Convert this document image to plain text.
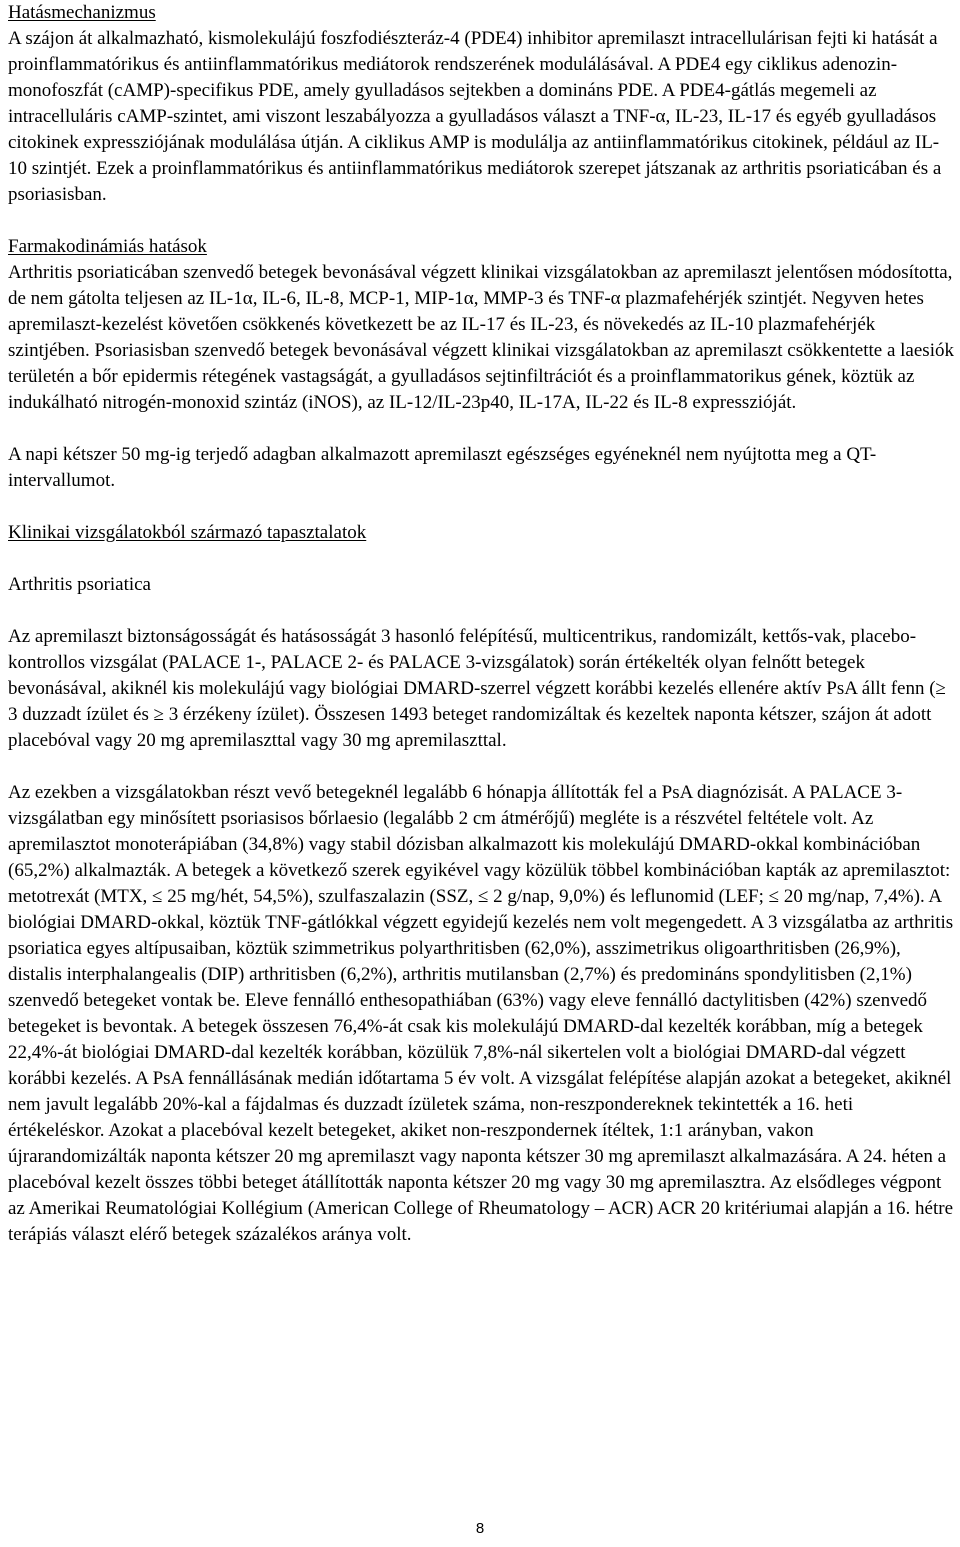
Hatásmechanizmus

A szájon át alkalmazható, kismolekulájú foszfodiészteráz-4 (PDE4) inhibitor apremilaszt intracellulárisan fejti ki hatását a proinflammatórikus és antiinflammatórikus mediátorok rendszerének modulálásával. A PDE4 egy ciklikus adenozin-monofoszfát (cAMP)-specifikus PDE, amely gyulladásos sejtekben a domináns PDE. A PDE4-gátlás megemeli az intracelluláris cAMP-szintet, ami viszont leszabályozza a gyulladásos választ a TNF-α, IL-23, IL-17 és egyéb gyulladásos citokinek expressziójának modulálása útján. A ciklikus AMP is modulálja az antiinflammatórikus citokinek, például az IL-10 szintjét. Ezek a proinflammatórikus és antiinflammatórikus mediátorok szerepet játszanak az arthritis psoriaticában és a psoriasisban.

Farmakodinámiás hatások

Arthritis psoriaticában szenvedő betegek bevonásával végzett klinikai vizsgálatokban az apremilaszt jelentősen módosította, de nem gátolta teljesen az IL-1α, IL-6, IL-8, MCP-1, MIP-1α, MMP-3 és TNF-α plazmafehérjék szintjét. Negyven hetes apremilaszt-kezelést követően csökkenés következett be az IL-17 és IL-23, és növekedés az IL-10 plazmafehérjék szintjében. Psoriasisban szenvedő betegek bevonásával végzett klinikai vizsgálatokban az apremilaszt csökkentette a laesiók területén a bőr epidermis rétegének vastagságát, a gyulladásos sejtinfiltrációt és a proinflammatorikus gének, köztük az indukálható nitrogén-monoxid szintáz (iNOS), az IL-12/IL-23p40, IL-17A, IL-22 és IL-8 expresszióját.

A napi kétszer 50 mg-ig terjedő adagban alkalmazott apremilaszt egészséges egyéneknél nem nyújtotta meg a QT-intervallumot.

Klinikai vizsgálatokból származó tapasztalatok

Arthritis psoriatica

Az apremilaszt biztonságosságát és hatásosságát 3 hasonló felépítésű, multicentrikus, randomizált, kettős-vak, placebo-kontrollos vizsgálat (PALACE 1-, PALACE 2- és PALACE 3-vizsgálatok) során értékelték olyan felnőtt betegek bevonásával, akiknél kis molekulájú vagy biológiai DMARD-szerrel végzett korábbi kezelés ellenére aktív PsA állt fenn (≥ 3 duzzadt ízület és ≥ 3 érzékeny ízület). Összesen 1493 beteget randomizáltak és kezeltek naponta kétszer, szájon át adott placebóval vagy 20 mg apremilaszttal vagy 30 mg apremilaszttal.

Az ezekben a vizsgálatokban részt vevő betegeknél legalább 6 hónapja állították fel a PsA diagnózisát. A PALACE 3-vizsgálatban egy minősített psoriasisos bőrlaesio (legalább 2 cm átmérőjű) megléte is a részvétel feltétele volt. Az apremilasztot monoterápiában (34,8%) vagy stabil dózisban alkalmazott kis molekulájú DMARD-okkal kombinációban (65,2%) alkalmazták. A betegek a következő szerek egyikével vagy közülük többel kombinációban kapták az apremilasztot: metotrexát (MTX, ≤ 25 mg/hét, 54,5%), szulfaszalazin (SSZ, ≤ 2 g/nap, 9,0%) és leflunomid (LEF; ≤ 20 mg/nap, 7,4%). A biológiai DMARD-okkal, köztük TNF-gátlókkal végzett egyidejű kezelés nem volt megengedett. A 3 vizsgálatba az arthritis psoriatica egyes altípusaiban, köztük szimmetrikus polyarthritisben (62,0%), asszimetrikus oligoarthritisben (26,9%), distalis interphalangealis (DIP) arthritisben (6,2%), arthritis mutilansban (2,7%) és predomináns spondylitisben (2,1%) szenvedő betegeket vontak be. Eleve fennálló enthesopathiában (63%) vagy eleve fennálló dactylitisben (42%) szenvedő betegeket is bevontak. A betegek összesen 76,4%-át csak kis molekulájú DMARD-dal kezelték korábban, míg a betegek 22,4%-át biológiai DMARD-dal kezelték korábban, közülük 7,8%-nál sikertelen volt a biológiai DMARD-dal végzett korábbi kezelés. A PsA fennállásának medián időtartama 5 év volt. A vizsgálat felépítése alapján azokat a betegeket, akiknél nem javult legalább 20%-kal a fájdalmas és duzzadt ízületek száma, non-reszpondereknek tekintették a 16. heti értékeléskor. Azokat a placebóval kezelt betegeket, akiket non-reszpondernek ítéltek, 1:1 arányban, vakon újrarandomizálták naponta kétszer 20 mg apremilaszt vagy naponta kétszer 30 mg apremilaszt alkalmazására. A 24. héten a placebóval kezelt összes többi beteget átállították naponta kétszer 20 mg vagy 30 mg apremilasztra. Az elsődleges végpont az Amerikai Reumatológiai Kollégium (American College of Rheumatology – ACR) ACR 20 kritériumai alapján a 16. hétre terápiás választ elérő betegek százalékos aránya volt.

8
